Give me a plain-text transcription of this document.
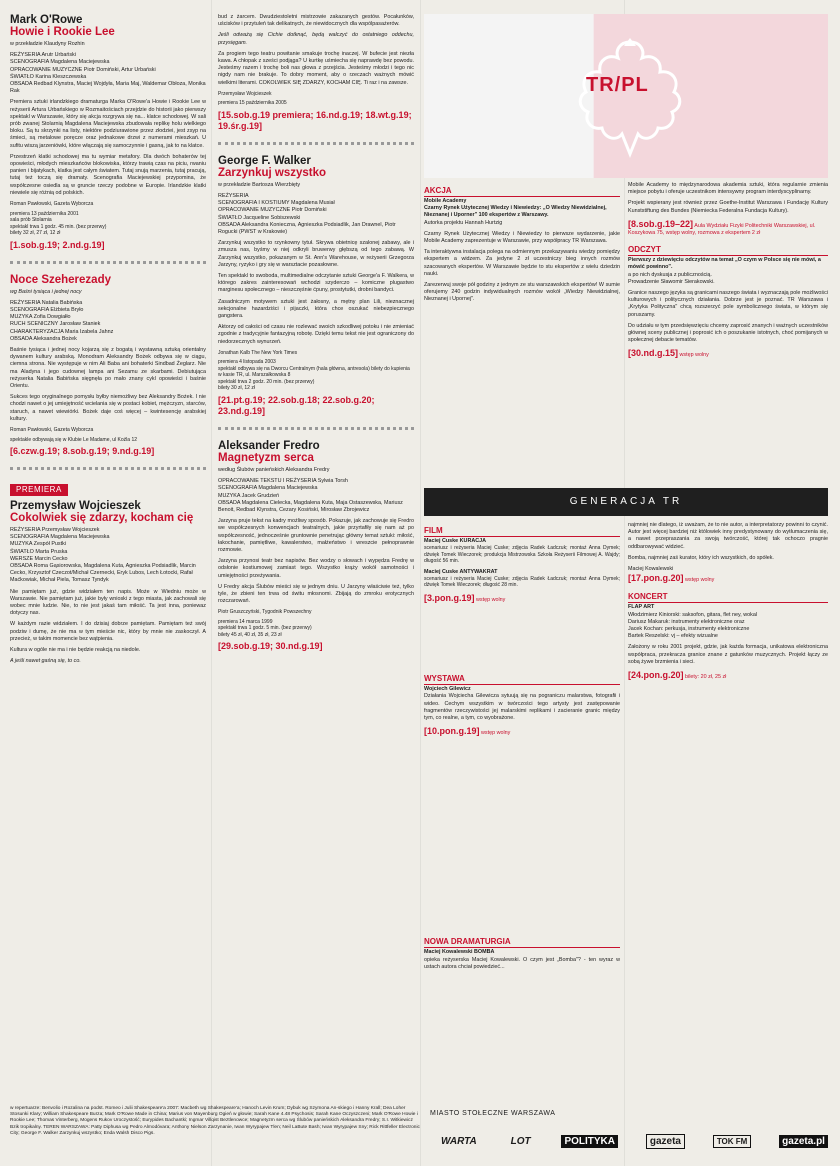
Mark O'Rowe
Howie i Rookie Lee
w przekładzie Klaudyny Rozhin
REŻYSERIA Arutr Urbański
SCENOGRAFIA Magdalena Maciejewska
OPRACOWANIE MUZYCZNE Piotr Domiński, Artur Urbański
ŚWIATŁO Karina Kleszczewska
OBSADA Redbad Klynstra, Maciej Wojdyła, Maria Maj, Waldemar Obłoza, Monika Rak

Premiera sztuki irlandzkiego dramaturga Marka O'Rowe'a Howie i Rookie Lee w reżyserii Artura Urbańskiego w Rozmaitościach przejdzie do historii jako pierwszy spektakl w Warszawie, który się akcja rozgrywa się na... klatce schodowej. W sali prób zwanej Stolarnią Magdalena Maciejewska zbudowała replikę holu wielkiego bloku. Są tu skrzynki na listy, niektóre podziurawione przez złodziei, jest zsyp na śmieci, są metalowe poręcze oraz jednakowe drzwi z numerami mieszkań. U sufitu wiszą jarzeniówki, które włączają się samoczynnie i gasną, jak to na klatce.

Przestrzeń klatki schodowej ma tu wymiar metafory. Dla dwóch bohaterów tej opowieści, młodych mieszkańców blokowiska, którzy trawią czas na piciu, rwaniu panien i bijatykach, klatka jest całym światem. Tutaj snują marzenia, tutaj pracują, tutaj też toczą się dramaty. Scenografia Maciejewskiej przypomina, że współczesne osiedla są w gruncie rzeczy podobne w Europie. Irlandzkie klatki niewiele się różnią od polskich.

Roman Pawłowski, Gazeta Wyborcza
premiera 13 października 2001
sala prób Stolarnia
spektakl trwa 1 godz. 45 min. (bez przerwy)
bilety 32 zł, 27 zł, 12 zł
[1.sob.g.19; 2.nd.g.19]
Noce Szeherezady
wg Baśni tysiąca i jednej nocy
REŻYSERIA Natalia Babińska
SCENOGRAFIA Elżbieta Bryło
MUZYKA Zofia Dowgiałło
RUCH SCENICZNY Jarosław Staniek
CHARAKTERYZACJA Maria Izabela Jahnz
OBSADA Aleksandra Bożek

Baśnie tysiąca i jednej nocy kojarzą się z bogatą i wystawną sztuką orientalny dywanem kultury arabską. Monodram Aleksandry Bożek odbywa się w ciągu, ciemna strona. Nie występuje w nim Ali Baba ani bohaterki Sindbad Żeglarz. Nie ma Aladyna i jego cudownej lampa ani Sezamu ze skarbami. Debiutująca reżyserka Natalia Babińska sięgnęła po mało znany cykl opowieści i baśnie Orientu.

Sukces tego oryginalnego pomysłu byłby niemożliwy bez Aleksandry Bożek. I nie chodzi nawet o jej umiejętność wcielania się w postaci kobiet, mężczyzn, starców, staruch, a nawet wiewiórki. Bożek daje coś więcej – kwintesencję arabskiej kultury.

Roman Pawłowski, Gazeta Wyborcza
spektakle odbywają się w Klubie Le Madame, ul Koźla 12
[6.czw.g.19; 8.sob.g.19; 9.nd.g.19]
PREMIERA
Przemysław Wojcieszek
Cokolwiek się zdarzy, kocham cię
REŻYSERIA Przemysław Wojcieszek
SCENOGRAFIA Magdalena Maciejewska
MUZYKA Zespół Pustki
ŚWIATŁO Marta Pruska
WERSZE Marcin Cecko
OBSADA Roma Gąsiorowska, Magdalena Kuta, Agnieszka Podsiadlik, Marcin Cecko, Krzysztof Czeczot/Michał Czernecki, Eryk Lubos, Lech Łotocki, Rafał Maćkowiak, Michał Piela, Tomasz Tyndyk

Nie pamiętam już, gdzie widziałem ten napis. Może w Wiedniu może w Warszawie. Nie pamiętam już, jakie były wnioski z tego miasta, jak zachowali się wobec mnie ludzie. Nie, to nie jest jakaś tam miłość. Ta jest inna, poniewaz dotyczy nas.

W każdym razie widziałem. I do dzisiaj dobrze pamiętam. Pamiętam też swój podziw i dumę, że nie ma w tym mieście nic, który by mnie nie zaskoczył. A przecież, w takim momencie bez wątpienia.

Kultura w ogóle nie ma i nie będzie reakcją na niedole.

A jeśli nawet gaśną się, to co.

bud z żarcem. Dwudziestoletni mistrzowie zakazanych gestów. Pocałunków, uścisków i przytuleń tak delikatnych, że niewidocznych dla wspólpasażerów.

Jeśli odważą się Cichie dotknąć, będą walczyć do ostatniego oddechu, przysięgam.

Za progiem tego teatru powitanie smakuje trochę inaczej. W bufecie jest niezła kawa. A chłopak z sześci podjąga? U kurtkę uśmiecha się naprawdę bez powodu. Jesteśmy razem i trochę boli nas głowa z przejścia. Jesteśmy młodzi i tego nic nigdy nam nie brakuje. To dobry moment, aby o rzeczach ważnych mówić wielkimi literami. COKOLWIEK SIĘ ZDARZY, KOCHAM CIĘ. Ti raz i na zawsze.

Przemysław Wojcieszek
premiera 15 października 2005
[15.sob.g.19 premiera; 16.nd.g.19; 18.wt.g.19; 19.śr.g.19]
George F. Walker
Zarzynkuj wszystko
w przekładzie Bartosza Wierzbięty
REŻYSERIA
SCENOGRAFIA I KOSTIUMY Magdalena Musiał
OPRACOWANIE MUZYCZNE Piotr Domiński
ŚWIATŁO Jacqueline Sobiszewski
OBSADA Aleksandra Konieczna, Agnieszka Podsiadlik, Jan Drawnel, Piotr Rogucki (PWST w Krakowie)

Zarzynkuj wszystko to rzynkowny tytuł. Skrywa obietnicę szalonej zabawy, ale i zmusza nas, byśmy w niej odkryli bruwerwy głębszą od tego zabawą. W Zarzynkuj wszystko, pokazanym w St. Ann's Warehouse, w reżyserii Grzegorza Jarzyny, ryzyko i gry się w warsztacie pozasłowne.

Ten spektakl to swoboda, multimedialne odczytanie sztuki George'a F. Walkera, w którego zakres zainteresowań wchodzi szyderczo – komiczne plugastwo marginesu społecznego – nieszczęśnie ćpuny, prostytutki, drobni bandyci.

Zasadniczym motywem sztuki jest żałosny, a mętny plan Lili, nieznacznej sekcjonalne hazardziści i pijaczki, która chce oszukać niebezpiecznego gangstera.

Aktorzy od całości od czasu nie rozlewać swoich szkodliwej potoku i nie zmieniać zgodnie z tradycyjnie fantazyjną robotę. Dzięki temu tekst nie jest ograniczony do niedorzecznych wynurzeń.

Jonathan Kalb The New York Times
premiera 4 listopada 2003
spektakl odbywa się na Dworcu Centralnym (hala główna, antresola) bilety do kupienia w kasie TR, ul. Marszałkowska 8
spektakl trwa 2 godz. 20 min. (bez przerwy)
bilety 30 zł, 12 zł
[21.pt.g.19; 22.sob.g.18; 22.sob.g.20; 23.nd.g.19]
Aleksander Fredro
Magnetyzm serca
według Ślubów panieńskich Aleksandra Fredry
OPRACOWANIE TEKSTU I REŻYSERIA Sylwia Torsh
SCENOGRAFIA Magdalena Maciejewska
MUZYKA Jacek Grudzień
OBSADA Magdalena Cielecka, Magdalena Kuta, Maja Ostaszewska, Mariusz Benoit, Redbad Klynstra, Cezary Kosiński, Mirosław Zbrojewicz

Jarzyna pruje tekst na kadry możliwy sposób. Pokazuje, jak zachowuje się Fredro we współczesnych konwencjach teatralnych, jakie przyrtafiły się nam aż po współczesność, jednocześnie gruntownie penetrując główny temat sztuki: miłość, łakochanie, pamiętliwe, kawalerstwo, małżeństwo i wreszcie pełnoprawnie rozmowie.

Jarzyna przynosi teatr bez napisów. Bez wodzy o słowach i wypędza Fredrę w odsłonie kostiumowej zamiast tego. Wszystko krąży wokół samotności i umiejętności przeżywania.

U Fredry akcja Ślubów mieści się w jednym dniu. U Jarzyny właściwie też, tylko tyle, że zbieni ten trwa od świtu młosnomi. Zbijają do zmroku erotycznych rozczarowań.

Piotr Gruszczyński, Tygodnik Powszechny
premiera 14 marca 1999
spektakl trwa 1 godz. 5 min. (bez przerwy)
bilety 45 zł, 40 zł, 35 zł, 23 zł
[29.sob.g.19; 30.nd.g.19]
TR/PL
AKCJA
Mobile Academy
Czarny Rynek Użytecznej Wiedzy i Niewiedzy: „O Wiedzy Niewidzialnej, Nieznanej i Uporner" 100 ekspertów z Warszawy.
Autorka projektu Hannah Hurtzig

Czarny Rynek Użytecznej Wiedzy i Niewiedzy to pierwsze wydarzenie, jakie Mobile Academy zaprezentuje w Warszawie, przy współpracy TR Warszawa.

Ta interaktywna instalacja polega na odmiennym przekazywaniu wiedzy pomiędzy ekspertem a widzem. Za jedyne 2 zł uczestniczy bieg innych rozmów szacowanych ekspertów. W Warszawie będzie to stu ekspertów z wielu dziedzin nauki.

Zarezerwuj swoje pół godziny z jednym ze stu warszawskich ekspertów! W sumie oferujemy 240 godzin indywidualnych rozmów wokół „Wiedzy Niewidzialnej, Nieznanej i Upornej".

GENERACJA TR
FILM
Maciej Cuske KURACJA

scenariusz i reżyseria Maciej Cuske; zdjęcia Radek Ładczuk; montaż Anna Dymek; dźwięk Tomek Wieczorek; produkcja Mistrzowska Szkoła Reżyserii Filmowej A. Wajdy; długość 56 min.

Maciej Cuske ANTYWAKRAT

scenariusz i reżyseria Maciej Cuske; zdjęcia Radek Ładczuk; montaż Anna Dymek; dźwięk Tomek Wieczorek; długość 28 min.

[3.pon.g.19] wstęp wolny
WYSTAWA
Wojciech Gilewicz

Działania Wojciecha Gilewicza sytuują się na pograniczu malarstwa, fotografii i wideo. Cechym wszystkim w twórczości tego artysty jest zastępowanie fragmentów rzeczywistości jej malarskimi replikami i zacieranie granic między tym, co realne, a tym, co wyobrażone.

[10.pon.g.19] wstęp wolny
NOWA DRAMATURGIA
Maciej Kowalewski BOMBA

opieka reżyserska Maciej Kowalewski. O czym jest „Bomba"? - ten wyraz w ustach autora chciał powiedzieć...

Mobile Academy to międzynarodowa akademia sztuki, która regularnie zmienia miejsce pobytu i oferuje uczestnikom intensywny program interdyscyplinarny.

Projekt wspierany jest również przez Goethe-Institut Warszawa i Fundację Kultury Kunststiftung des Bundes (Niemiecka Federalna Fundacja Kultury).

[8.sob.g.19–22] Aula Wydziału Fizyki Politechniki Warszawskiej, ul. Koszykowa 75, wstęp wolny, rozmowa z ekspertem 2 zł
ODCZYT
Pierwszy z dziewięciu odczytów na temat „O czym w Polsce się nie mówi, a mówić powinno".
a po nich dyskusja z publicznością.
Prowadzenie Sławomir Sierakowski.

Granice naszego języka są granicami naszego świata i wyznaczają pole możliwości kulturowych i politycznych działania. Dobrze jest je poznać. TR Warszawa i „Krytyka Polityczna" chcą rozszerzyć pole symbolicznego świata, w którym się poruszamy.

Do udziału w tym przedsięwzięciu chcemy zaprosić znanych i ważnych uczestników głównej sceny publicznej i poprosić ich o poszukanie istotnych, choć pomijanych w społecznej debacie tematów.

[30.nd.g.15] wstęp wolny

najmniej nie dlatego, iż uważam, że to nie autor, a interpretatorzy powinni to czynić. Autor jest więcej bardziej niż któlowiek inny predystynowany do wytłumaczenia się, a nawet przepraszania za swoją twórczość, której tak ochoczo pragnie oddbarowywać widzieć.

Bomba, najmniej zaś kurator, który ich wszystkich, do spółek.

Maciej Kowalewski
[17.pon.g.20] wstęp wolny
KONCERT
FLAP ART
Włodzimierz Kiniorski: saksofon, gitara, flet ney, wokal
Dariusz Makaruk: instrumenty elektroniczne oraz
Jacek Kochan: perkusja, instrumenty elektroniczne
Bartek Reszelski: vj – efekty wizualne

Założony w roku 2001 projekt, gdzie, jak każda formacja, unikatowa elektroniczna współpraca, przekracza granice znane z gatunków muzycznych. Projekt łączy ze sobą żywe brzmienia i sieci.

[24.pon.g.20] bilety: 20 zł, 25 zł
w repertuarze: Benvolio i Rozalina na podst. Romeo i Julii Shakespeare'a 2007: Macbeth wg Shakespeare'a; Hanoch Levin Krum; Dybuk wg Szymona An-skiego i Hanny Krall; Dea Loher Stosunki Klary; William Shakespeare Burza; Mark O'Rowe Made in China; Marius von Mayenburg Ogień w głowie; Sarah Kane 4.48 Psychosis; Sarah Kane Oczyszczeni; Mark O'Rowe Howie i Rookie Lee; Thomas Vinterberg, Mogens Rukov Uroczystość; Eurypides Bachantki; Ingmar Villqist Beztlenowce; Magnetyzm serca wg Ślubów panieńskich Aleksandra Fredry; S.I. Witkiewicz Bzik tropikalny. TEREN WARSZAWA: Patty Diphusa wg Pedro Almodóvara; Anthony Nielson Zarzynanie, Iwan Wyrypajew Tlen; Neil LaBute Bash; Iwan Wyrypajew Sny; Rick Rittfeller Electronic City; George F. Walker Zarzynkuj wszystko; Enda Walsh Disco Pigs.
MIASTO STOŁECZNE WARSZAWA
WARTA	LOT	POLITYKA	gazeta	TOK FM	gazeta.pl
